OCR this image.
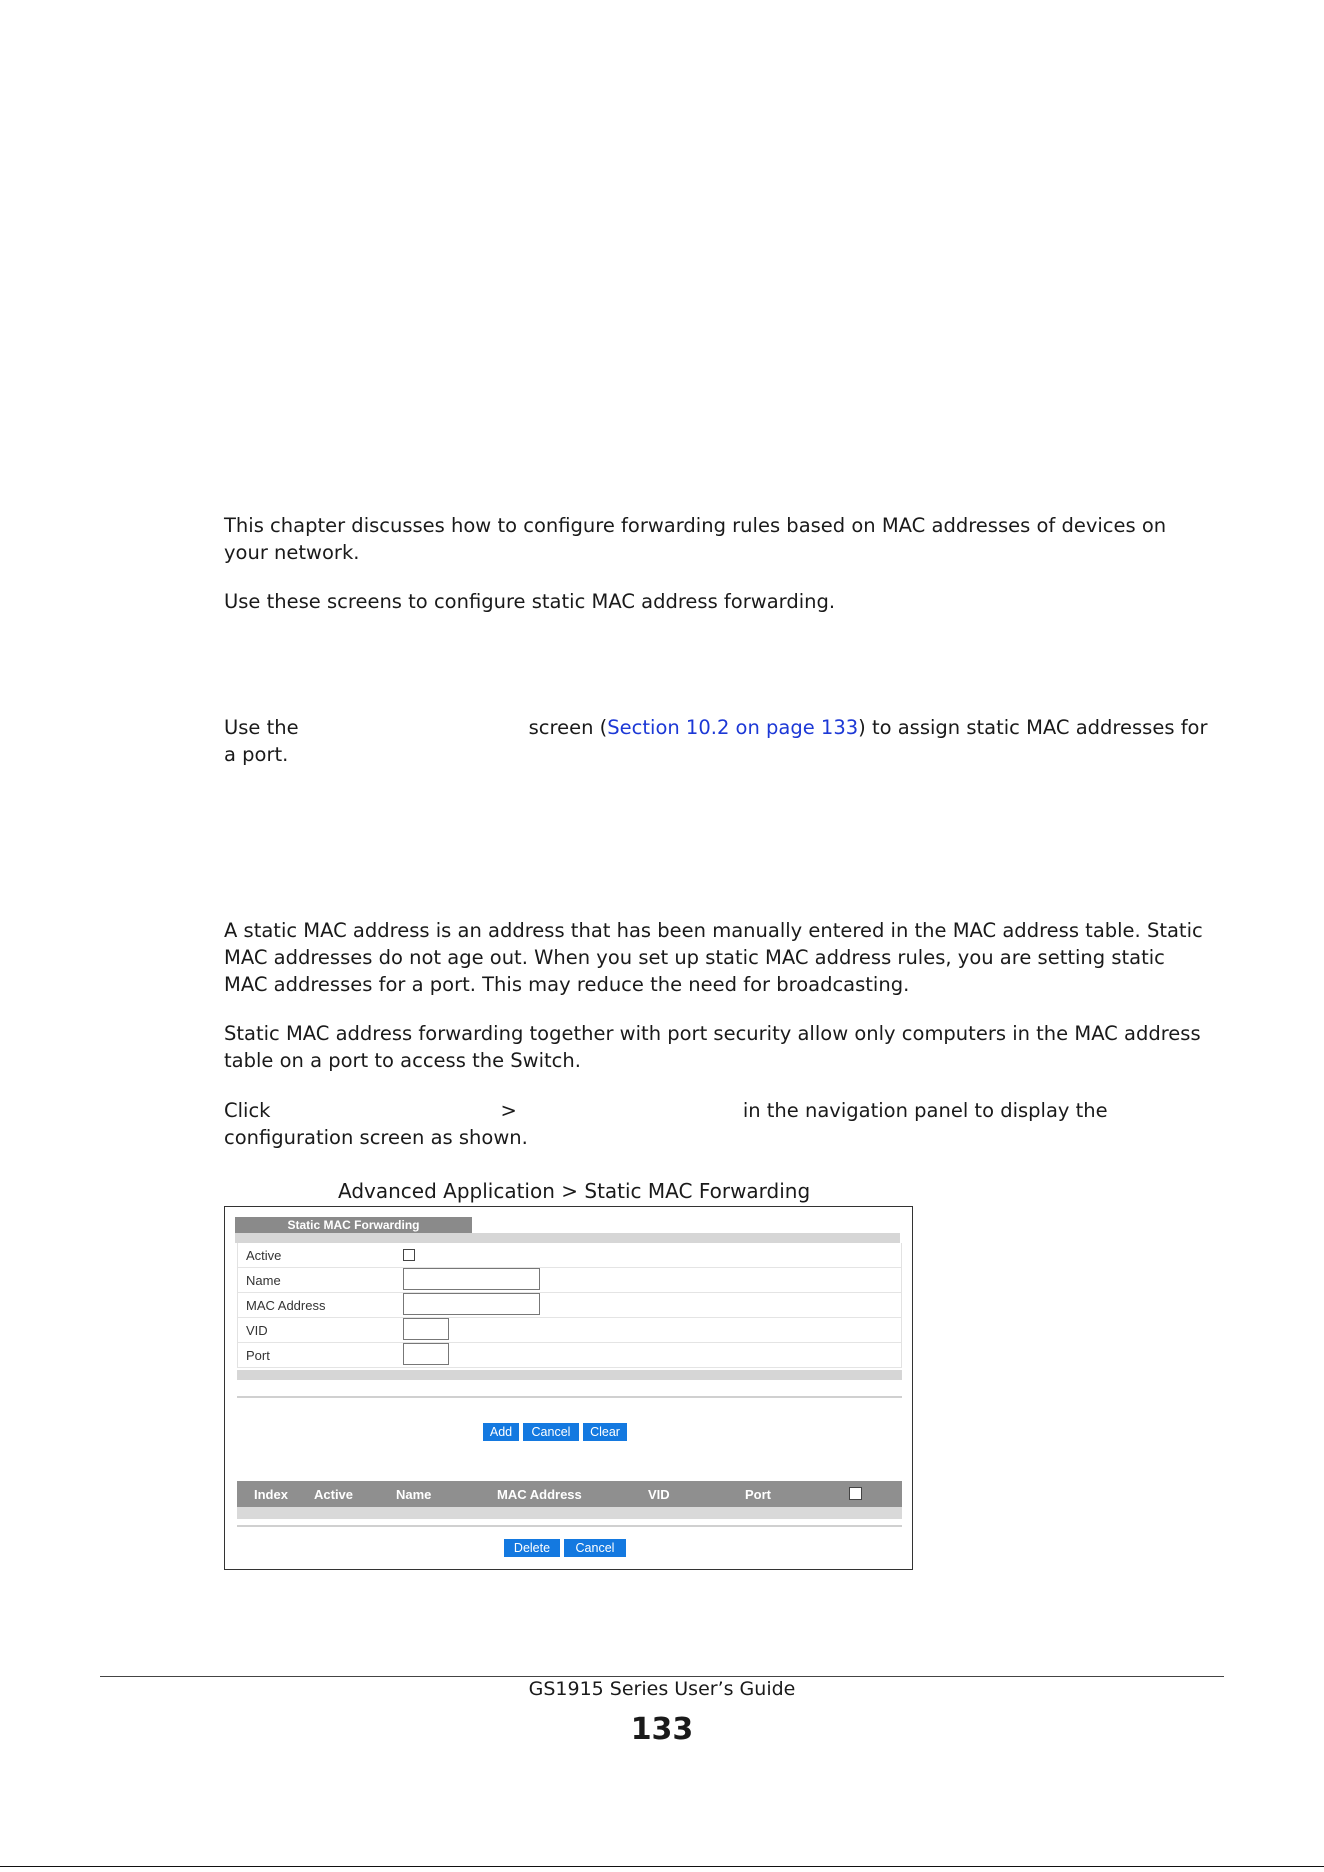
This chapter discusses how to configure forwarding rules based on MAC addresses of devices on your network.

Use these screens to configure static MAC address forwarding.

Use the	screen (Section 10.2 on page 133) to assign static MAC addresses for a port.

A static MAC address is an address that has been manually entered in the MAC address table. Static MAC addresses do not age out. When you set up static MAC address rules, you are setting static MAC addresses for a port. This may reduce the need for broadcasting.

Static MAC address forwarding together with port security allow only computers in the MAC address table on a port to access the Switch.

Click	>	in the navigation panel to display the configuration screen as shown.

Advanced Application > Static MAC Forwarding
Static MAC Forwarding
Active
Name
MAC Address
VID
Port
Add	Cancel	Clear
Index Active	Name	MAC Address	VID	Port
Delete	Cancel
GS1915 Series User’s Guide
133
